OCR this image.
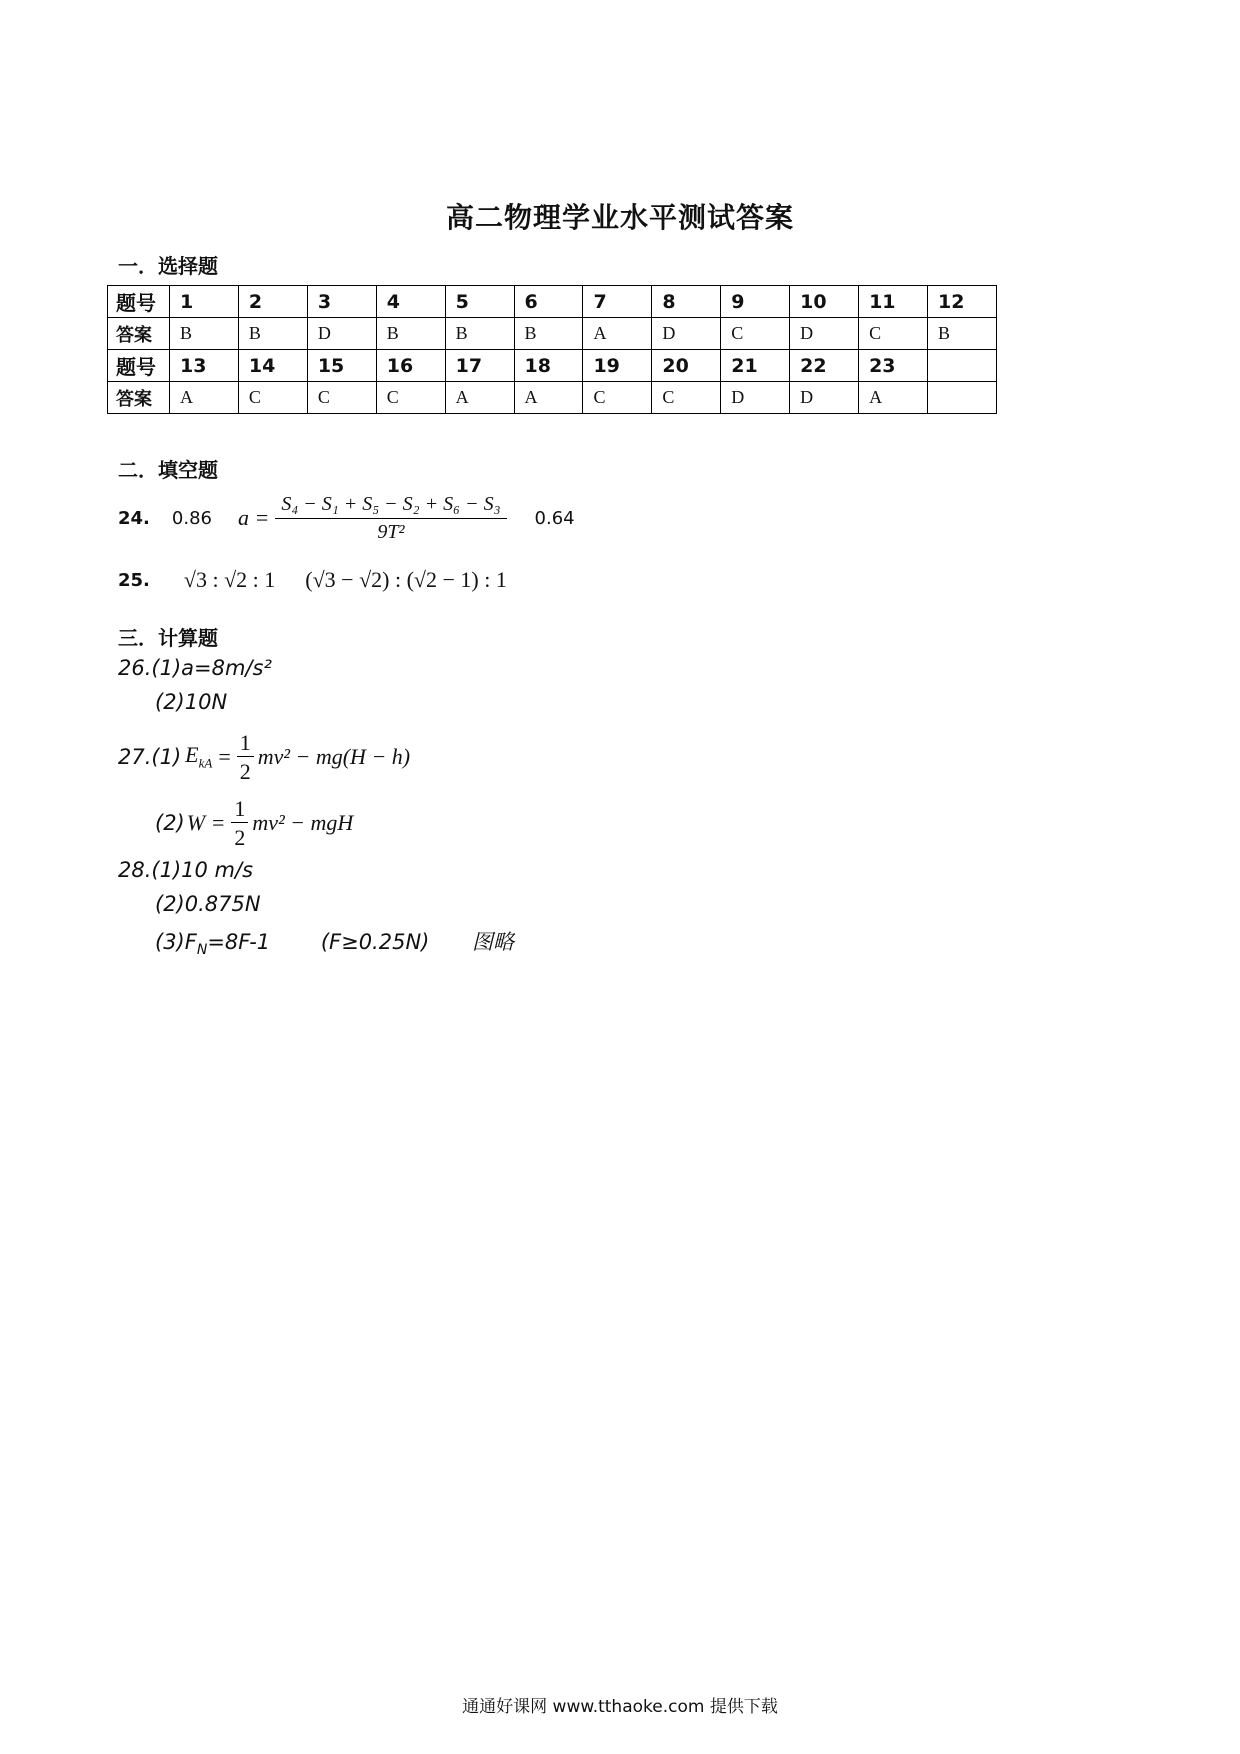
高二物理学业水平测试答案
一．选择题
题号	1	2	3	4	5	6	7	8	9	10	11	12
答案	B	B	D	B	B	B	A	D	C	D	C	B
题号	13	14	15	16	17	18	19	20	21	22	23	
答案	A	C	C	C	A	A	C	C	D	D	A	
二．填空题
24. 0.86 $a = \frac{\text{S₄ − S₁ + S₅ − S₂ + S₆ − S₃}}{\text{9T²}} 0.64$
25. √3 : √2 : 1 (√3 − √2) : (√2 − 1) : 1
三．计算题
26.(1)a=8m/s²
(2)10N
27.(1) $E_{kA} = \frac{1}{2} mv^2 - mg(H - h)$
(2) $W = \frac{1}{2} mv^2$ − mgH
28.(1)10 m/s
(2)0.875N
$(3)F_N=8F-1$ (F≥0.25N) 图略
通通好课网 www.tthaoke.com 提供下载
